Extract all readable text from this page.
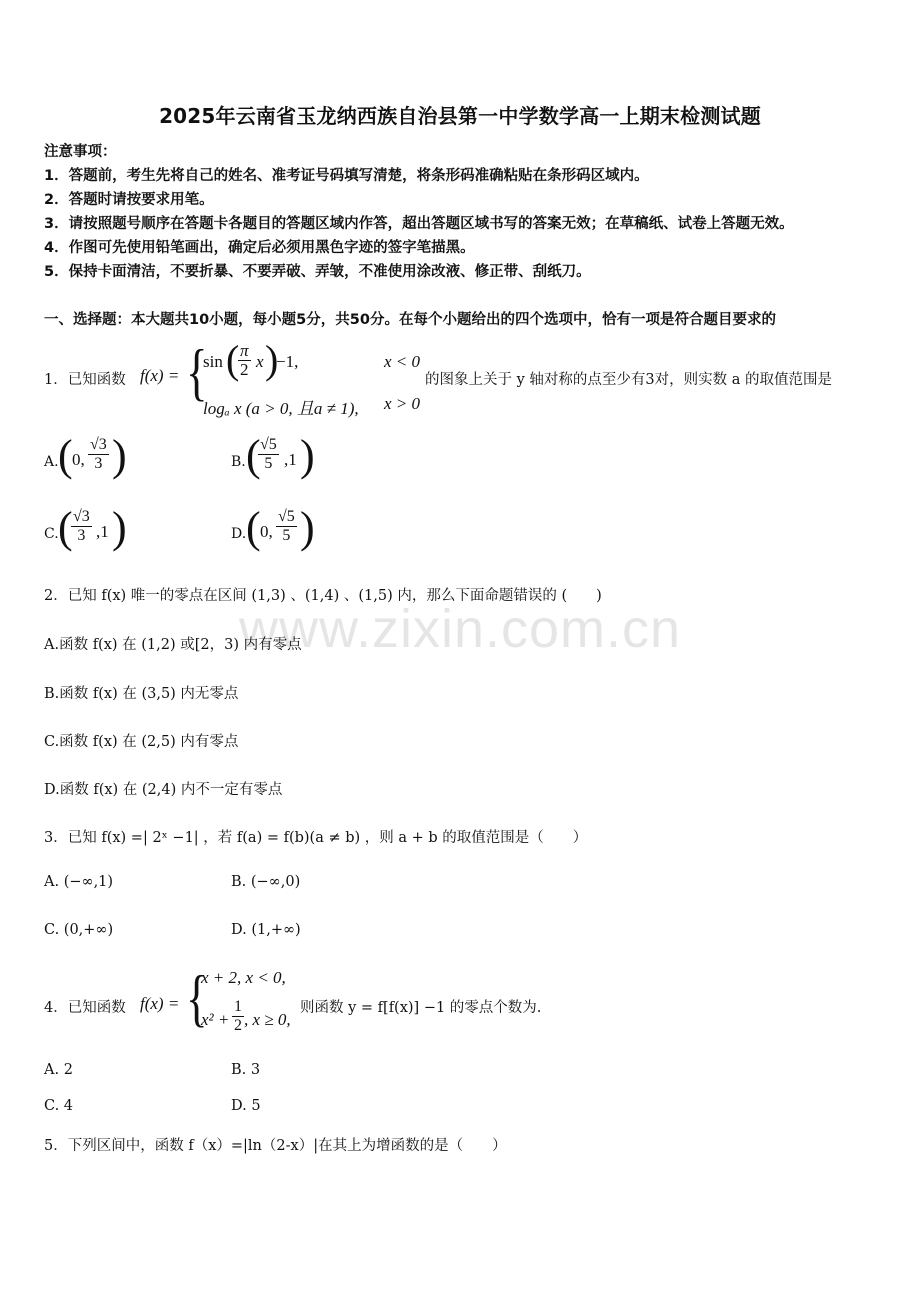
2025年云南省玉龙纳西族自治县第一中学数学高一上期末检测试题
注意事项：
1．答题前，考生先将自己的姓名、准考证号码填写清楚，将条形码准确粘贴在条形码区域内。
2．答题时请按要求用笔。
3．请按照题号顺序在答题卡各题目的答题区域内作答，超出答题区域书写的答案无效；在草稿纸、试卷上答题无效。
4．作图可先使用铅笔画出，确定后必须用黑色字迹的签字笔描黑。
5．保持卡面清洁，不要折暴、不要弄破、弄皱，不准使用涂改液、修正带、刮纸刀。
一、选择题：本大题共10小题，每小题5分，共50分。在每个小题给出的四个选项中，恰有一项是符合题目要求的
1．已知函数 f(x) = {
sin (
$\frac{\pi}{2}$ x )
−1,	x < 0
logₐ x (a > 0, 且a ≠ 1), x > 0
的图象上关于 y 轴对称的点至少有3对，则实数 a 的取值范围是
A. ( 0, $\frac{√3}{3}$ )	B. (
$\frac{√5}{5} ,1$ )
C. (
$\frac{√3}{3} ,1$ )	D. ( 0, $\frac{√5}{5}$ )
2．已知 f(x) 唯一的零点在区间 (1,3) 、(1,4) 、(1,5) 内，那么下面命题错误的 (　　)
A.函数 f(x) 在 (1,2) 或[2，3) 内有零点
B.函数 f(x) 在 (3,5) 内无零点
C.函数 f(x) 在 (2,5) 内有零点
D.函数 f(x) 在 (2,4) 内不一定有零点
3．已知 f(x) =| 2ˣ −1| ，若 f(a) = f(b)(a ≠ b) ，则 a + b 的取值范围是（　　）
A. (−∞,1)	B. (−∞,0)
C. (0,+∞)	D. (1,+∞)
4．已知函数 f(x) = {
x + 2, x < 0,
$x^2 + \frac{1}{2}$ , x ≥ 0,
则函数 y = f[f(x)] −1 的零点个数为.
A. 2	B. 3
C. 4	D. 5
5．下列区间中，函数 f（x）=|ln（2-x）|在其上为增函数的是（　　）
www.zixin.com.cn
